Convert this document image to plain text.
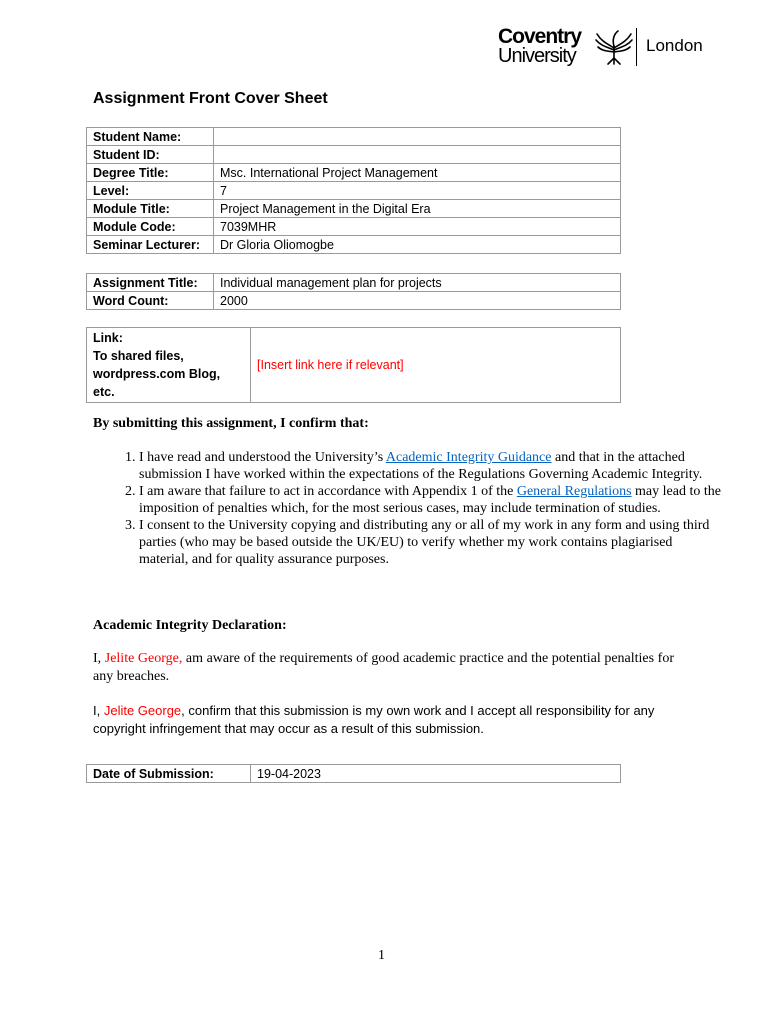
Coventry
University	London
Assignment Front Cover Sheet
Student Name:	
Student ID:	
Degree Title:	Msc. International Project Management
Level:	7
Module Title:	Project Management in the Digital Era
Module Code:	7039MHR
Seminar Lecturer:	Dr Gloria Oliomogbe
Assignment Title:	Individual management plan for projects
Word Count:	2000
Link:
To shared files,
wordpress.com Blog,
etc.
	[Insert link here if relevant]
By submitting this assignment, I confirm that:
1. I have read and understood the University’s Academic Integrity Guidance and that in the attached submission I have worked within the expectations of the Regulations Governing Academic Integrity.
2. I am aware that failure to act in accordance with Appendix 1 of the General Regulations may lead to the imposition of penalties which, for the most serious cases, may include termination of studies.
3. I consent to the University copying and distributing any or all of my work in any form and using third parties (who may be based outside the UK/EU) to verify whether my work contains plagiarised material, and for quality assurance purposes.
Academic Integrity Declaration:
I, Jelite George, am aware of the requirements of good academic practice and the potential penalties for any breaches.
I, Jelite George, confirm that this submission is my own work and I accept all responsibility for any copyright infringement that may occur as a result of this submission.
Date of Submission:	19-04-2023
1
